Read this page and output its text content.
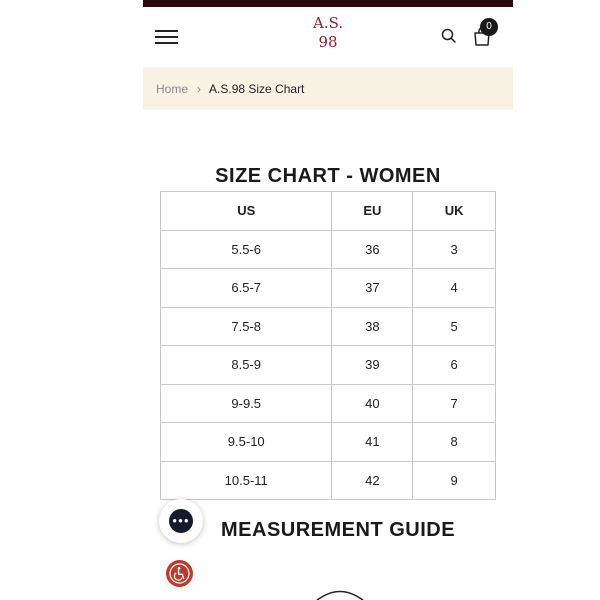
A.S.
98
0
Home › A.S.98 Size Chart
SIZE CHART - WOMEN
US	EU	UK
5.5-6	36	3
6.5-7	37	4
7.5-8	38	5
8.5-9	39	6
9-9.5	40	7
9.5-10	41	8
10.5-11	42	9
MEASUREMENT GUIDE
●●●
